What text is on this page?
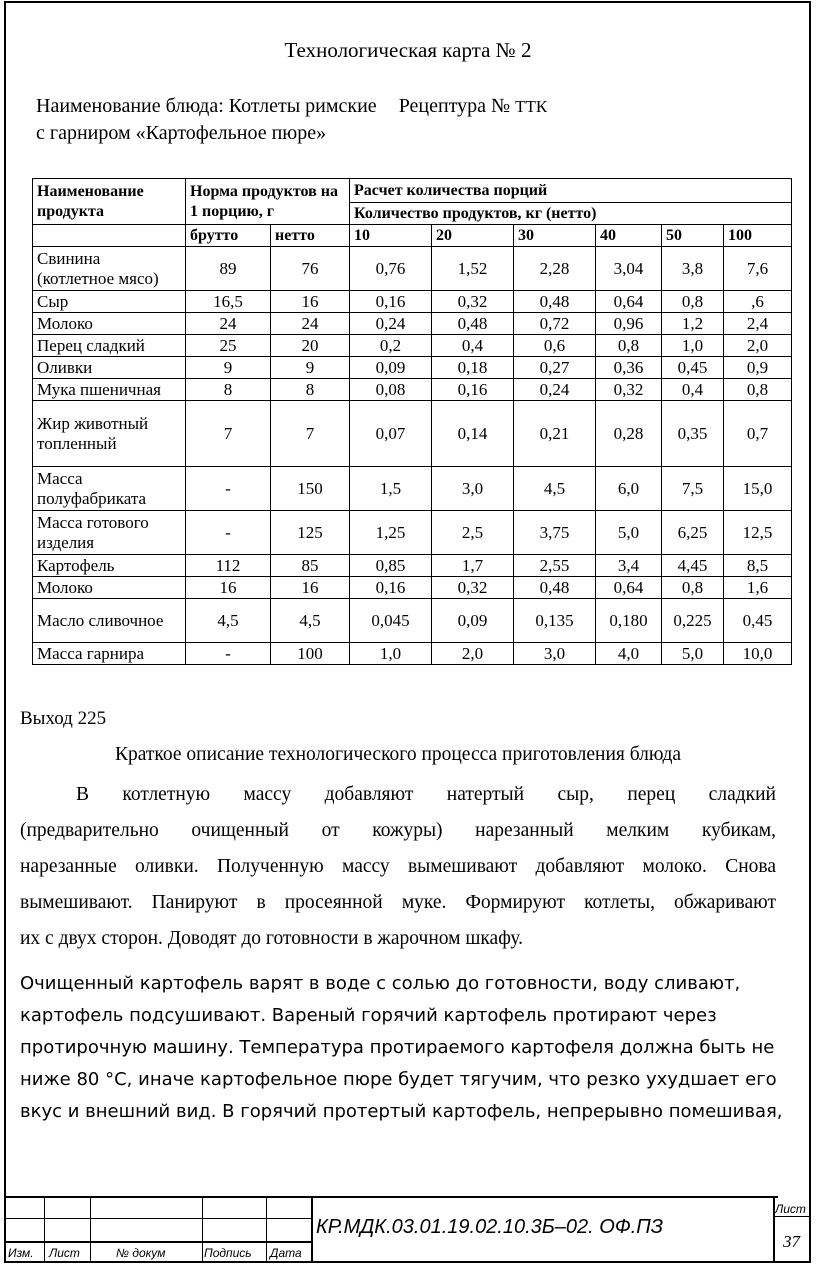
Технологическая карта № 2
Наименование блюда: Котлеты римские Рецептура № ТТК
с гарниром «Картофельное пюре»
Наименование продукта	Норма продуктов на 1 порцию, г		Расчет количества порций					
			Количество продуктов, кг (нетто)					
	брутто	нетто	10	20	30	40	50	100
Свинина (котлетное мясо)	89	76	0,76	1,52	2,28	3,04	3,8	7,6
Сыр	16,5	16	0,16	0,32	0,48	0,64	0,8	,6
Молоко	24	24	0,24	0,48	0,72	0,96	1,2	2,4
Перец сладкий	25	20	0,2	0,4	0,6	0,8	1,0	2,0
Оливки	9	9	0,09	0,18	0,27	0,36	0,45	0,9
Мука пшеничная	8	8	0,08	0,16	0,24	0,32	0,4	0,8
Жир животный топленный	7	7	0,07	0,14	0,21	0,28	0,35	0,7
Масса полуфабриката	-	150	1,5	3,0	4,5	6,0	7,5	15,0
Масса готового изделия	-	125	1,25	2,5	3,75	5,0	6,25	12,5
Картофель	112	85	0,85	1,7	2,55	3,4	4,45	8,5
Молоко	16	16	0,16	0,32	0,48	0,64	0,8	1,6
Масло сливочное	4,5	4,5	0,045	0,09	0,135	0,180	0,225	0,45
Масса гарнира	-	100	1,0	2,0	3,0	4,0	5,0	10,0
Выход 225
Краткое описание технологического процесса приготовления блюда
В котлетную массу добавляют натертый сыр, перец сладкий
(предварительно очищенный от кожуры) нарезанный мелким кубикам,
нарезанные оливки. Полученную массу вымешивают добавляют молоко. Снова
вымешивают. Панируют в просеянной муке. Формируют котлеты, обжаривают
их с двух сторон. Доводят до готовности в жарочном шкафу.
Очищенный картофель варят в воде с солью до готовности, воду сливают,
картофель подсушивают. Вареный горячий картофель протирают через
протирочную машину. Температура протираемого картофеля должна быть не
ниже 80 °С, иначе картофельное пюре будет тягучим, что резко ухудшает его
вкус и внешний вид. В горячий протертый картофель, непрерывно помешивая,
Изм. Лист	№ докум	Подпись Дата
КР.МДК.03.01.19.02.10.3Б–02. ОФ.ПЗ
Лист
37
